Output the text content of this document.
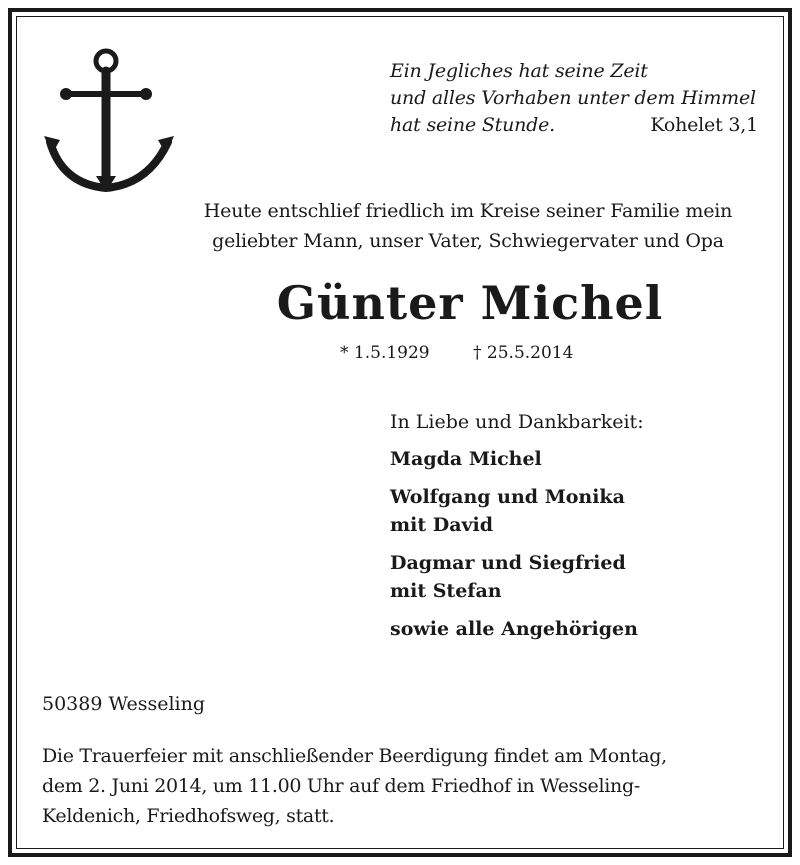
Ein Jegliches hat seine Zeit
und alles Vorhaben unter dem Himmel
hat seine Stunde.	Kohelet 3,1
Heute entschlief friedlich im Kreise seiner Familie mein
geliebter Mann, unser Vater, Schwiegervater und Opa
Günter Michel
* 1.5.1929	† 25.5.2014
In Liebe und Dankbarkeit:
Magda Michel
Wolfgang und Monika
mit David
Dagmar und Siegfried
mit Stefan
sowie alle Angehörigen
50389 Wesseling
Die Trauerfeier mit anschließender Beerdigung findet am Montag,
dem 2. Juni 2014, um 11.00 Uhr auf dem Friedhof in Wesseling-
Keldenich, Friedhofsweg, statt.
